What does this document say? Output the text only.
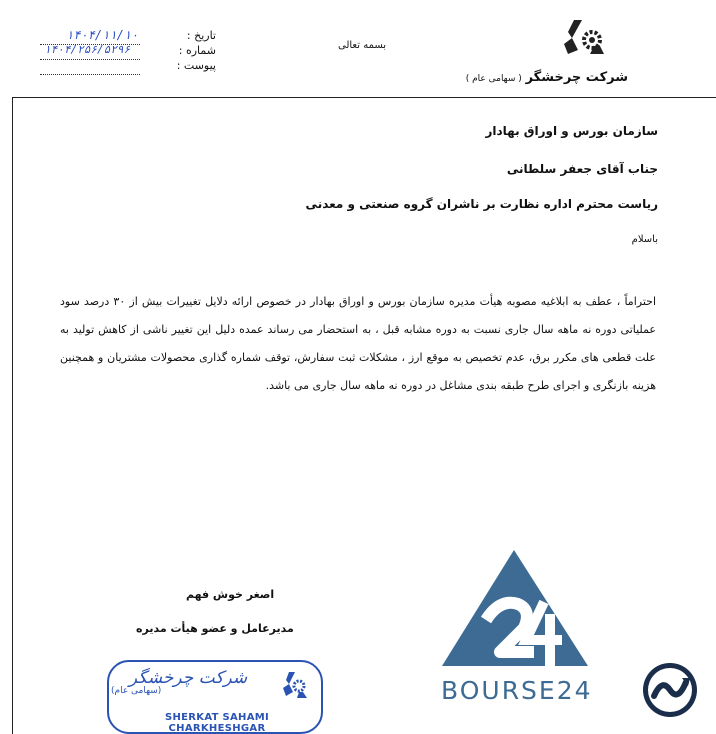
شرکت چرخشگر ( سهامی عام )
بسمه تعالی
تاریخ :
شماره :
پیوست :
۱۴۰۴/۱۱/۱۰
۱۴۰۴/۲۵۶/۵۲۹۶
سازمان بورس و اوراق بهادار
جناب آقای جعفر سلطانی
ریاست محترم اداره نظارت بر ناشران گروه صنعتی و معدنی
باسلام
احتراماً ، عطف به ابلاغیه مصوبه هیأت مدیره سازمان بورس و اوراق بهادار در خصوص ارائه دلایل تغییرات بیش از ۳۰ درصد سود عملیاتی دوره نه ماهه سال جاری نسبت به دوره مشابه قبل ، به استحضار می رساند عمده دلیل این تغییر ناشی از کاهش تولید به علت قطعی های مکرر برق، عدم تخصیص به موقع ارز ، مشکلات ثبت سفارش، توقف شماره گذاری محصولات مشتریان و همچنین هزینه بازنگری و اجرای طرح طبقه بندی مشاغل در دوره نه ماهه سال جاری می باشد.
اصغر خوش فهم
مدیرعامل و عضو هیأت مدیره
شرکت چرخشگر
(سهامی عام)
SHERKAT SAHAMI CHARKHESHGAR
BOURSE24
